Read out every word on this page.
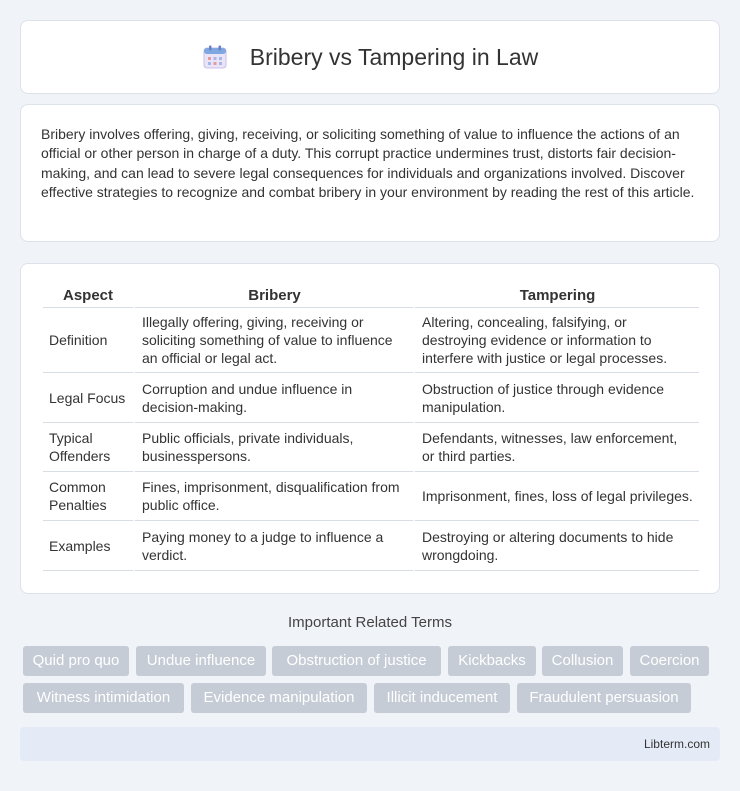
Bribery vs Tampering in Law

Bribery involves offering, giving, receiving, or soliciting something of value to influence the actions of an official or other person in charge of a duty. This corrupt practice undermines trust, distorts fair decision-making, and can lead to severe legal consequences for individuals and organizations involved. Discover effective strategies to recognize and combat bribery in your environment by reading the rest of this article.

Aspect	Bribery	Tampering
Definition	Illegally offering, giving, receiving or soliciting something of value to influence an official or legal act.	Altering, concealing, falsifying, or destroying evidence or information to interfere with justice or legal processes.
Legal Focus	Corruption and undue influence in decision-making.	Obstruction of justice through evidence manipulation.
Typical Offenders	Public officials, private individuals, businesspersons.	Defendants, witnesses, law enforcement, or third parties.
Common Penalties	Fines, imprisonment, disqualification from public office.	Imprisonment, fines, loss of legal privileges.
Examples	Paying money to a judge to influence a verdict.	Destroying or altering documents to hide wrongdoing.
Important Related Terms
Quid pro quo	Undue influence	Obstruction of justice	Kickbacks	Collusion	Coercion
Witness intimidation	Evidence manipulation	Illicit inducement	Fraudulent persuasion
Libterm.com
